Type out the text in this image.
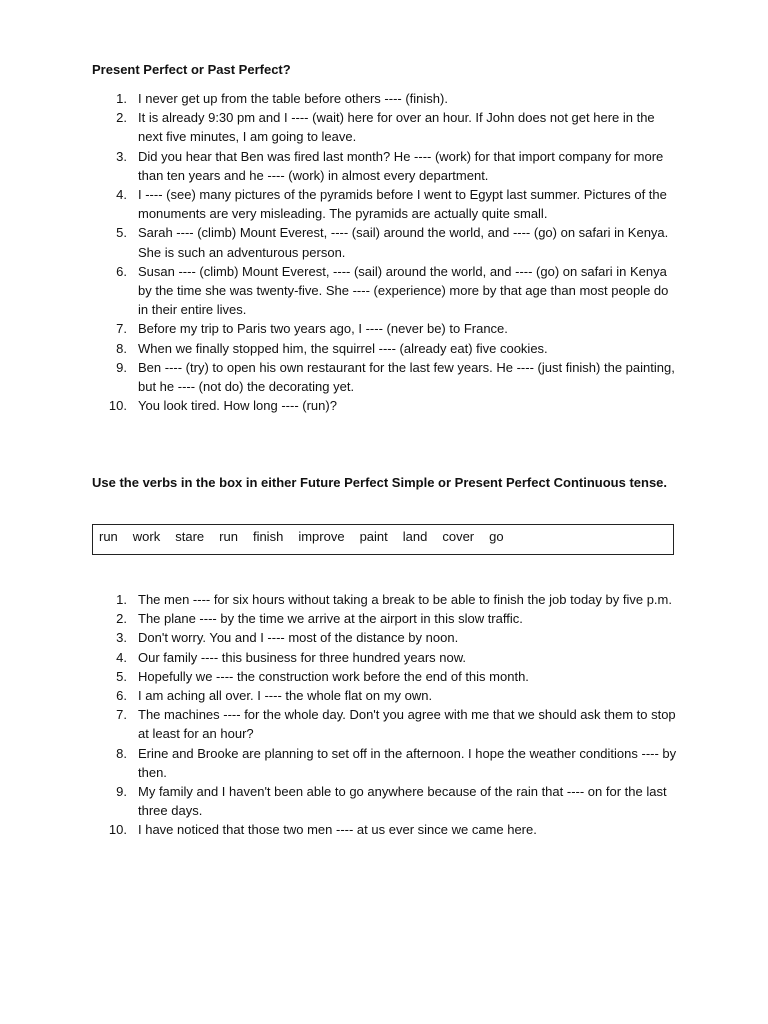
Present Perfect or Past Perfect?
1. I never get up from the table before others ---- (finish).
2. It is already 9:30 pm and I ---- (wait) here for over an hour. If John does not get here in the next five minutes, I am going to leave.
3. Did you hear that Ben was fired last month? He ---- (work) for that import company for more than ten years and he ---- (work) in almost every department.
4. I ---- (see) many pictures of the pyramids before I went to Egypt last summer. Pictures of the monuments are very misleading. The pyramids are actually quite small.
5. Sarah ---- (climb) Mount Everest, ---- (sail) around the world, and ---- (go) on safari in Kenya. She is such an adventurous person.
6. Susan ---- (climb) Mount Everest, ---- (sail) around the world, and ---- (go) on safari in Kenya by the time she was twenty-five. She ---- (experience) more by that age than most people do in their entire lives.
7. Before my trip to Paris two years ago, I ---- (never be) to France.
8. When we finally stopped him, the squirrel ---- (already eat) five cookies.
9. Ben ---- (try) to open his own restaurant for the last few years. He ---- (just finish) the painting, but he ---- (not do) the decorating yet.
10. You look tired. How long ---- (run)?
Use the verbs in the box in either Future Perfect Simple or Present Perfect Continuous tense.
run work stare run finish improve paint land cover go
1. The men ---- for six hours without taking a break to be able to finish the job today by five p.m.
2. The plane ---- by the time we arrive at the airport in this slow traffic.
3. Don't worry. You and I ---- most of the distance by noon.
4. Our family ---- this business for three hundred years now.
5. Hopefully we ---- the construction work before the end of this month.
6. I am aching all over. I ---- the whole flat on my own.
7. The machines ---- for the whole day. Don't you agree with me that we should ask them to stop at least for an hour?
8. Erine and Brooke are planning to set off in the afternoon. I hope the weather conditions ---- by then.
9. My family and I haven't been able to go anywhere because of the rain that ---- on for the last three days.
10. I have noticed that those two men ---- at us ever since we came here.
